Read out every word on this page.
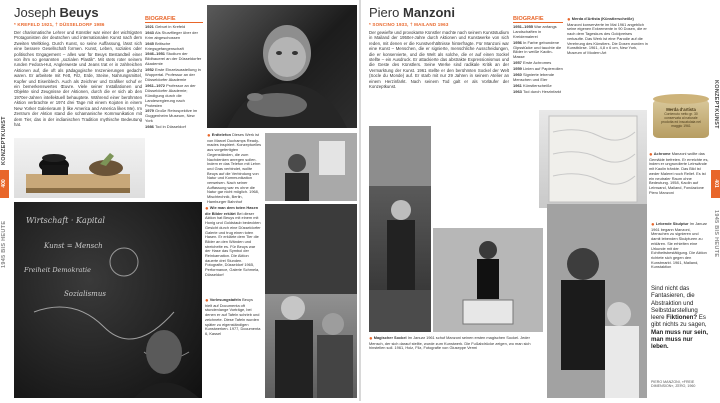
400
KONZEPTKUNST
1945 BIS HEUTE
Joseph Beuys
* KREFELD 1921, † DÜSSELDORF 1986
Der charismatische Lehrer und Künstler war einer der wichtigsten Protagonisten der deutschen und internationalen Kunst nach dem Zweiten Weltkrieg. Durch Kunst, so seine Auffassung, lässt sich eine bessere Gesellschaft formen. Kunst, Leben, soziales oder politisches Engagement – alles war für Beuys Bestandteil einer von ihm so genannten „sozialen Plastik“. Mit stets roter seinem runden Fedora-Hut, Anglerweste und Jeans trat er in zahlreichen Aktionen auf, die oft als pädagogische Inszenierungen gedacht waren. Er arbeitete mit Fett, Filz, Erde, Steine, Nahrungsmittel, Kupfer und Eisenblech. Auch als Zeichner und Grafiker schuf er ein bemerkenswertes Œuvre. Viele seiner Installationen und Objekte sind Zeugnisse der Aktionen, durch die er sich ab den 1970er-Jahren intellektuell behauptete. Während einer berühmten Aktion verbrachte er 1974 drei Tage mit einem Kojoten in einem New Yorker Galerieraum (I like America and America likes Me). Im Zentrum der Aktion stand die schamanische Kommunikation mit dem Tier, das in der indianischen Tradition mythische Bedeutung hat.
BIOGRAFIE
1921 Geburt in Krefeld
1943 Als Sturzflieger über der Krim abgeschossen
1945 Britische Kriegsgefangenschaft
1946–1951 Studium der Bildhauerei an der Düsseldorfer Akademie
1952 Erste Einzelausstellung in Wuppertal. Professur an der Düsseldorfer Akademie
1961–1972 Professor an der Düsseldorfer Akademie; Kündigung durch die Landesregierung nach Protesten
1979 Große Retrospektive im Guggenheim Museum, New York
1986 Tod in Düsseldorf
● Erdtelefon Dieses Werk ist von Marcel Duchamps Ready-mades inspiriert. Konzeptuelles aus vorgefertigten Gegenständen, die zum Nachdenken anregen sollen. Indem er das Telefon mit Lehm und Gras verbindet, wollte Beuys auf die Verbindung von Natur und Kommunikation verweisen. Nach seiner Auffassung war es ohne die Natur gar nicht möglich. 1968, Mischtechnik, Berlin, Hamburger Bahnhof
Wirtschaft · Kapital
Kunst = Mensch
Freiheit Demokratie
Sozialismus
● Wie man dem toten Hasen die Bilder erklärt Bei dieser Aktion hat Beuys mit einem mit Honig und Goldstaub bedeckten Gesicht durch eine Düsseldorfer Galerie und trug einen toten Hasen. Er erklärte dem Tier die Bilder an den Wänden und streichelte es. Für Beuys war der Hase das Symbol der Reinkarnation. Die Aktion dauerte drei Stunden. Fotografie, Düsseldorf 1965, Performance, Galerie Schmela, Düsseldorf
● Vorlesungstafeln Beuys hielt auf Documenta oft stundenlange Vorträge, bei denen er auf Tafeln schrieb und zeichnete. Diese Tafeln wurden später zu eigenständigen Kunstwerken. 1977, Documenta 6, Kassel
Piero Manzoni
* SONCINO 1933, † MAILAND 1963
Der gewiefte und provokante Künstler machte nach seinem Kunststudium in Mailand der 1950er-Jahre durch Aktionen und Kunstwerke von sich reden, mit denen er die Kunstverhältnisse hinterfragte. Für Manzoni war eine Kunst – Menschen, die er signierte, menschliche Ausscheidungen, die er konservierte, und die Welt als solche, die er auf einen Sockel stellte – ein Ausdruck. Er attackierte das abstrakte Expressionismus und die Geste des Künstlers. Seine Werke sind radikale Kritik an der Vermarktung der Kunst. 1961 stellte er den berühmten Sockel der Welt (Socle du Monde) auf. Er starb mit nur 29 Jahren in seinem Atelier an einem Herzinfarkt. Nach seinem Tod galt er als Vorläufer der Konzeptkunst.
BIOGRAFIE
1951–1955 War anfangs Landschaften in Kreidemalerei
1956 In Farbe gebundene Gipsstücke und tauchte die Bilder in weiße Kaolin-Masse
1957 Erste Achromes
1959 Linien auf Papierrollen
1960 Signierte lebende Menschen und Eier
1961 Künstlerscheiße
1963 Tod durch Herzinfarkt
● Merda d'Artista (Künstlerscheiße) Manzoni konservierte im Mai 1961 angeblich seine eigenen Exkremente in 90 Dosen, die er nach dem Tageskurs des Goldpreises verkaufte. Das Werk ist eine Parodie auf die Verehrung des Künstlers. Die Dosen wurden in Kunstbörse. 1961, 4,8 x 6 cm, New York, Museum of Modern Art
Merda d'artista
Contenuto netto gr. 30
conservata al naturale
prodotta ed inscatolata nel maggio 1961
● Achrome Manzoni wollte das Gemälde befreien. Er erreichte es, indem er ungrundierte Leinwände mit Kaolin tränkte. Das Bild ist weder Malerei noch Relief. Es ist ein neutraler Raum ohne Bedeutung. 1958, Kaolin auf Leinwand, Mailand, Fondazione Piero Manzoni
● Magischer Sockel Im Januar 1961 schuf Manzoni seinen ersten magischen Sockel. Jeder Mensch, der sich darauf stellte, wurde zum Kunstwerk. Die Fußabdrücke zeigen, wo man sich hinstellen soll. 1961, Holz, Filz, Fotografie von Giuseppe Vermi
● Lebende Skulptur Im Januar 1961 begann Manzoni, Menschen zu signieren und damit lebenden Skulpturen zu erklären. Sie erhielten eine Urkunde mit der Echtheitsbestätigung. Die Aktion richtete sich gegen den Kunstmarkt. 1961, Mailand, Kunstaktion
Sind nicht das Fantasieren, die Abstraktion und Selbstdarstellung leere Fiktionen? Es gibt nichts zu sagen, Man muss nur sein, man muss nur leben.
PIERO MANZONI, »FREIE DIMENSION«, ZERO, 1960
401
KONZEPTKUNST
1945 BIS HEUTE
